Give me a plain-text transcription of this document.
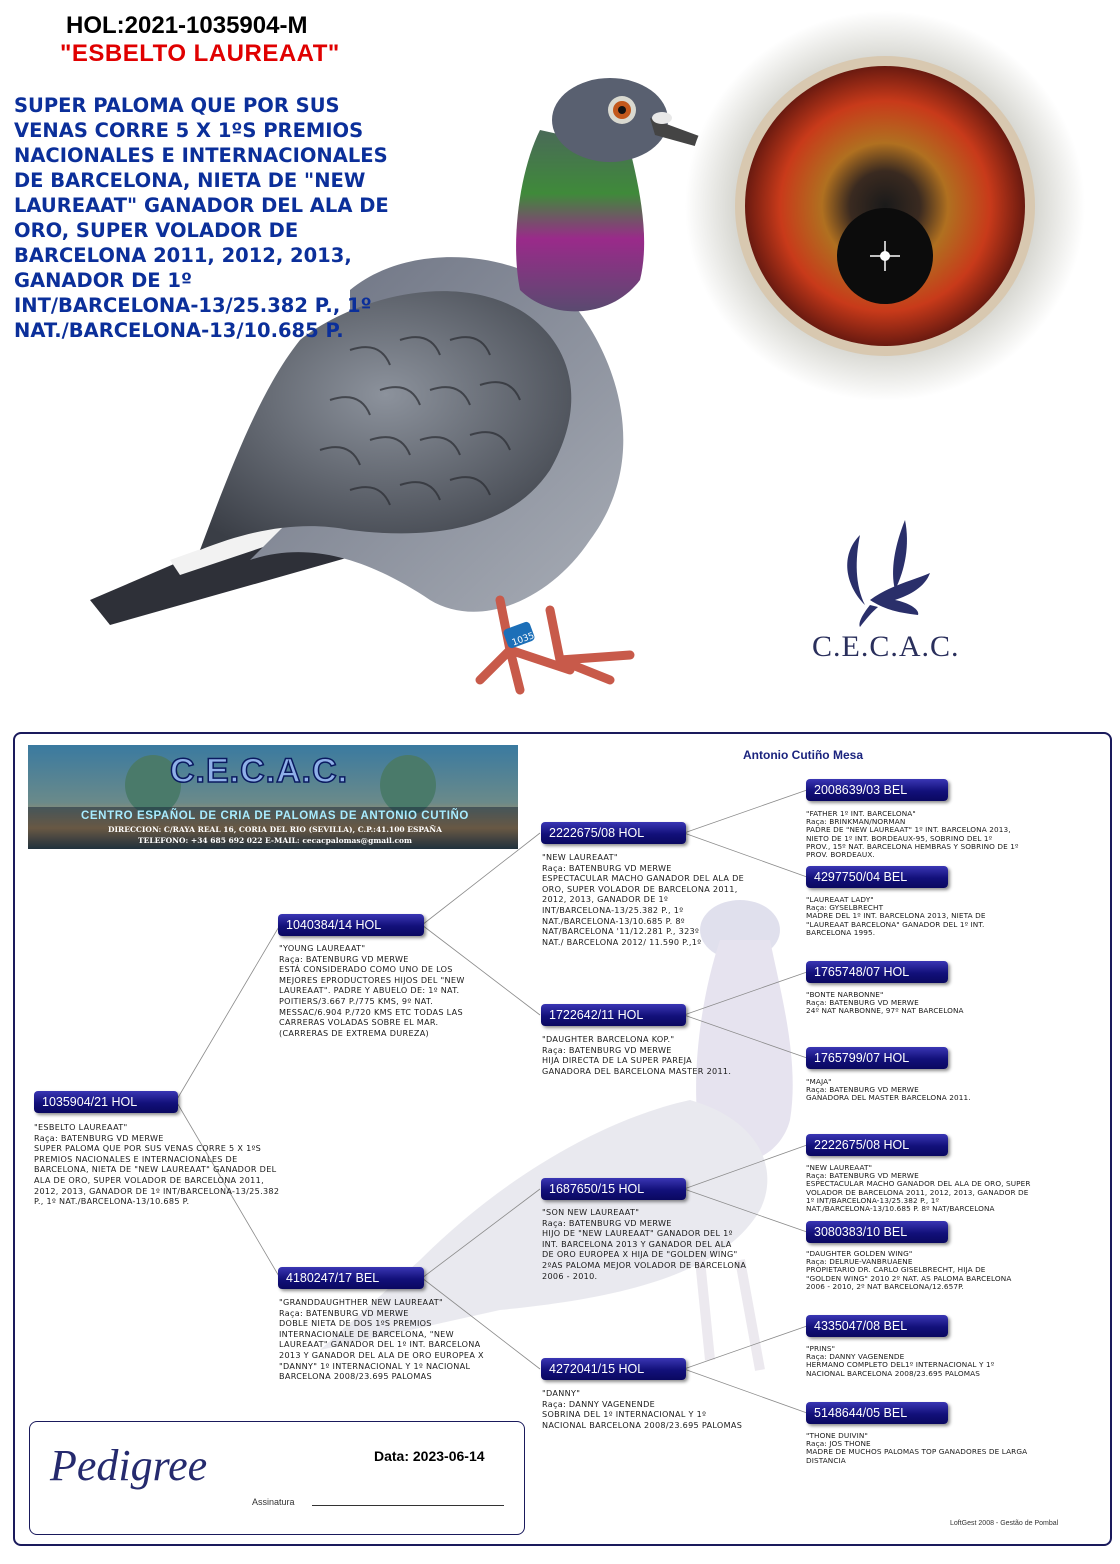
HOL:2021-1035904-M
"ESBELTO LAUREAAT"
1035
SUPER PALOMA QUE POR SUS
VENAS CORRE 5 X 1ºS PREMIOS
NACIONALES E INTERNACIONALES
DE BARCELONA, NIETA DE "NEW
LAUREAAT" GANADOR DEL ALA DE
ORO, SUPER VOLADOR DE
BARCELONA 2011, 2012, 2013,
GANADOR DE 1º
INT/BARCELONA-13/25.382 P., 1º
NAT./BARCELONA-13/10.685 P.
C.E.C.A.C.
C.E.C.A.C.
CENTRO ESPAÑOL DE CRIA DE PALOMAS DE ANTONIO CUTIÑO
DIRECCION: C/RAYA REAL 16, CORIA DEL RIO (SEVILLA), C.P.:41.100 ESPAÑA
TELEFONO: +34 685 692 022 E-MAIL: cecacpalomas@gmail.com
Antonio Cutiño Mesa
1035904/21 HOL
"ESBELTO LAUREAAT"
Raça: BATENBURG VD MERWE
SUPER PALOMA QUE POR SUS VENAS CORRE 5 X 1ºS
PREMIOS NACIONALES E INTERNACIONALES DE
BARCELONA, NIETA DE "NEW LAUREAAT" GANADOR DEL
ALA DE ORO, SUPER VOLADOR DE BARCELONA 2011,
2012, 2013, GANADOR DE 1º INT/BARCELONA-13/25.382
P., 1º NAT./BARCELONA-13/10.685 P.
1040384/14 HOL
"YOUNG LAUREAAT"
Raça: BATENBURG VD MERWE
ESTÁ CONSIDERADO COMO UNO DE LOS
MEJORES EPRODUCTORES HIJOS DEL "NEW
LAUREAAT". PADRE Y ABUELO DE: 1º NAT.
POITIERS/3.667 P./775 KMS, 9º NAT.
MESSAC/6.904 P./720 KMS ETC TODAS LAS
CARRERAS VOLADAS SOBRE EL MAR.
(CARRERAS DE EXTREMA DUREZA)
4180247/17 BEL
"GRANDDAUGHTHER NEW LAUREAAT"
Raça: BATENBURG VD MERWE
DOBLE NIETA DE DOS 1ºS PREMIOS
INTERNACIONALE DE BARCELONA, "NEW
LAUREAAT" GANADOR DEL 1º INT. BARCELONA
2013 Y GANADOR DEL ALA DE ORO EUROPEA X
"DANNY" 1º INTERNACIONAL Y 1º NACIONAL
BARCELONA 2008/23.695 PALOMAS
2222675/08 HOL
"NEW LAUREAAT"
Raça: BATENBURG VD MERWE
ESPECTACULAR MACHO GANADOR DEL ALA DE
ORO, SUPER VOLADOR DE BARCELONA 2011,
2012, 2013, GANADOR DE 1º
INT/BARCELONA-13/25.382 P., 1º
NAT./BARCELONA-13/10.685 P. 8º
NAT/BARCELONA '11/12.281 P., 323º
NAT./ BARCELONA 2012/ 11.590 P.,1º
1722642/11 HOL
"DAUGHTER BARCELONA KOP."
Raça: BATENBURG VD MERWE
HIJA DIRECTA DE LA SUPER PAREJA
GANADORA DEL BARCELONA MASTER 2011.
1687650/15 HOL
"SON NEW LAUREAAT"
Raça: BATENBURG VD MERWE
HIJO DE "NEW LAUREAAT" GANADOR DEL 1º
INT. BARCELONA 2013 Y GANADOR DEL ALA
DE ORO EUROPEA X HIJA DE "GOLDEN WING"
2ºAS PALOMA MEJOR VOLADOR DE BARCELONA
2006 - 2010.
4272041/15 HOL
"DANNY"
Raça: DANNY VAGENENDE
SOBRINA DEL 1º INTERNACIONAL Y 1º
NACIONAL BARCELONA 2008/23.695 PALOMAS
2008639/03 BEL
"FATHER 1º INT. BARCELONA"
Raça: BRINKMAN/NORMAN
PADRE DE "NEW LAUREAAT" 1º INT. BARCELONA 2013,
NIETO DE 1º INT. BORDEAUX-95, SOBRINO DEL 1º
PROV., 15º NAT. BARCELONA HEMBRAS Y SOBRINO DE 1º
PROV. BORDEAUX.
4297750/04 BEL
"LAUREAAT LADY"
Raça: GYSELBRECHT
MADRE DEL 1º INT. BARCELONA 2013, NIETA DE
"LAUREAAT BARCELONA" GANADOR DEL 1º INT.
BARCELONA 1995.
1765748/07 HOL
"BONTE NARBONNE"
Raça: BATENBURG VD MERWE
24º NAT NARBONNE, 97º NAT BARCELONA
1765799/07 HOL
"MAJA"
Raça: BATENBURG VD MERWE
GANADORA DEL MASTER BARCELONA 2011.
2222675/08 HOL
"NEW LAUREAAT"
Raça: BATENBURG VD MERWE
ESPECTACULAR MACHO GANADOR DEL ALA DE ORO, SUPER
VOLADOR DE BARCELONA 2011, 2012, 2013, GANADOR DE
1º INT/BARCELONA-13/25.382 P., 1º
NAT./BARCELONA-13/10.685 P. 8º NAT/BARCELONA
3080383/10 BEL
"DAUGHTER GOLDEN WING"
Raça: DELRUE-VANBRUAENE
PROPIETARIO DR. CARLO GISELBRECHT, HIJA DE
"GOLDEN WING" 2010 2º NAT. AS PALOMA BARCELONA
2006 - 2010, 2º NAT BARCELONA/12.657P.
4335047/08 BEL
"PRINS"
Raça: DANNY VAGENENDE
HERMANO COMPLETO DEL1º INTERNACIONAL Y 1º
NACIONAL BARCELONA 2008/23.695 PALOMAS
5148644/05 BEL
"THONE DUIVIN"
Raça: JOS THONE
MADRE DE MUCHOS PALOMAS TOP GANADORES DE LARGA
DISTANCIA
Pedigree	Data: 2023-06-14
Assinatura
LoftGest 2008 - Gestão de Pombal
